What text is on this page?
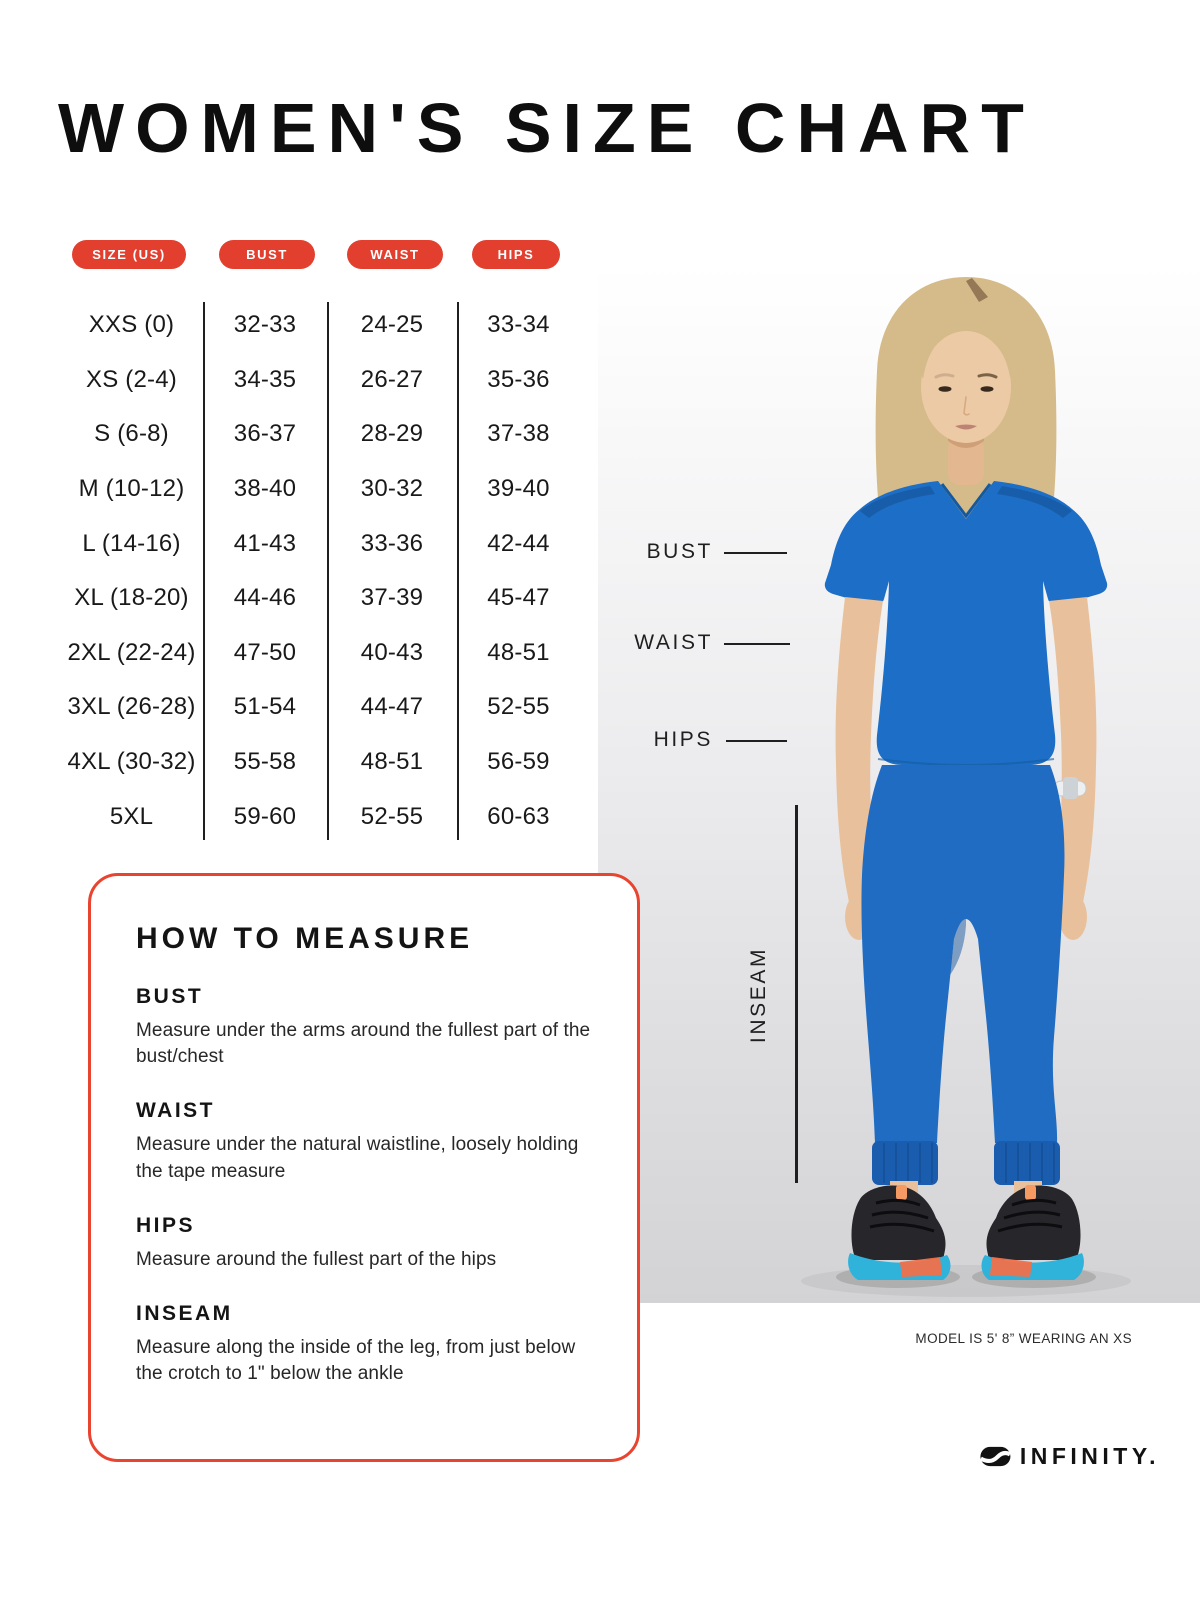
WOMEN'S SIZE CHART
SIZE (US)	BUST	WAIST	HIPS
XXS (0)	32-33	24-25	33-34
XS (2-4)	34-35	26-27	35-36
S (6-8)	36-37	28-29	37-38
M (10-12)	38-40	30-32	39-40
L (14-16)	41-43	33-36	42-44
XL (18-20)	44-46	37-39	45-47
2XL (22-24)	47-50	40-43	48-51
3XL (26-28)	51-54	44-47	52-55
4XL (30-32)	55-58	48-51	56-59
5XL	59-60	52-55	60-63
BUST
WAIST
HIPS
INSEAM
MODEL IS 5' 8” WEARING AN XS
HOW TO MEASURE
BUST
Measure under the arms around the fullest part of the bust/chest
WAIST
Measure under the natural waistline, loosely holding the tape measure
HIPS
Measure around the fullest part of the hips
INSEAM
Measure along the inside of the leg, from just below the crotch to 1" below the ankle
INFINITY.
